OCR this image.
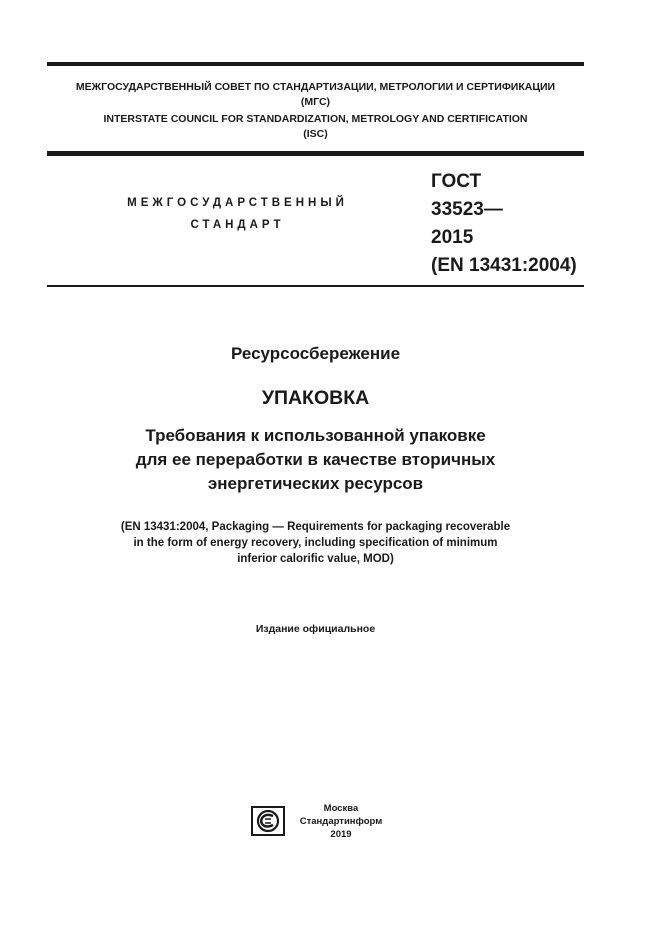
МЕЖГОСУДАРСТВЕННЫЙ СОВЕТ ПО СТАНДАРТИЗАЦИИ, МЕТРОЛОГИИ И СЕРТИФИКАЦИИ
(МГС)
INTERSTATE COUNCIL FOR STANDARDIZATION, METROLOGY AND CERTIFICATION
(ISC)
МЕЖГОСУДАРСТВЕННЫЙ
СТАНДАРТ
ГОСТ
33523—
2015
(EN 13431:2004)
Ресурсосбережение
УПАКОВКА
Требования к использованной упаковке
для ее переработки в качестве вторичных
энергетических ресурсов
(EN 13431:2004, Packaging — Requirements for packaging recoverable
in the form of energy recovery, including specification of minimum
inferior calorific value, MOD)
Издание официальное
Москва
Стандартинформ
2019
